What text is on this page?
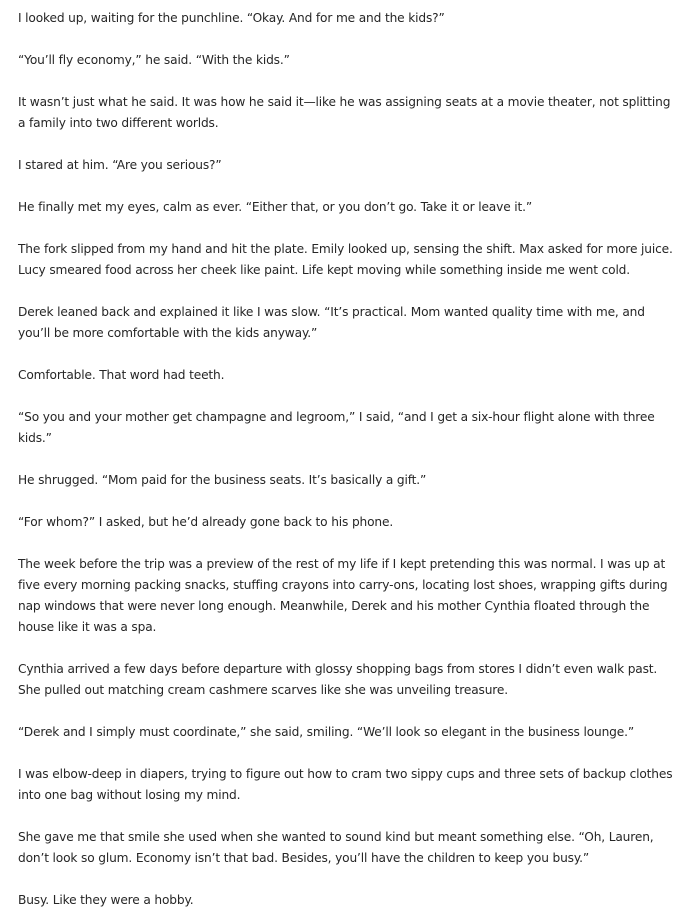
I looked up, waiting for the punchline. “Okay. And for me and the kids?”

“You’ll fly economy,” he said. “With the kids.”

It wasn’t just what he said. It was how he said it—like he was assigning seats at a movie theater, not splitting a family into two different worlds.

I stared at him. “Are you serious?”

He finally met my eyes, calm as ever. “Either that, or you don’t go. Take it or leave it.”

The fork slipped from my hand and hit the plate. Emily looked up, sensing the shift. Max asked for more juice. Lucy smeared food across her cheek like paint. Life kept moving while something inside me went cold.

Derek leaned back and explained it like I was slow. “It’s practical. Mom wanted quality time with me, and you’ll be more comfortable with the kids anyway.”

Comfortable. That word had teeth.

“So you and your mother get champagne and legroom,” I said, “and I get a six-hour flight alone with three kids.”

He shrugged. “Mom paid for the business seats. It’s basically a gift.”

“For whom?” I asked, but he’d already gone back to his phone.

The week before the trip was a preview of the rest of my life if I kept pretending this was normal. I was up at five every morning packing snacks, stuffing crayons into carry-ons, locating lost shoes, wrapping gifts during nap windows that were never long enough. Meanwhile, Derek and his mother Cynthia floated through the house like it was a spa.

Cynthia arrived a few days before departure with glossy shopping bags from stores I didn’t even walk past. She pulled out matching cream cashmere scarves like she was unveiling treasure.

“Derek and I simply must coordinate,” she said, smiling. “We’ll look so elegant in the business lounge.”

I was elbow-deep in diapers, trying to figure out how to cram two sippy cups and three sets of backup clothes into one bag without losing my mind.

She gave me that smile she used when she wanted to sound kind but meant something else. “Oh, Lauren, don’t look so glum. Economy isn’t that bad. Besides, you’ll have the children to keep you busy.”

Busy. Like they were a hobby.
